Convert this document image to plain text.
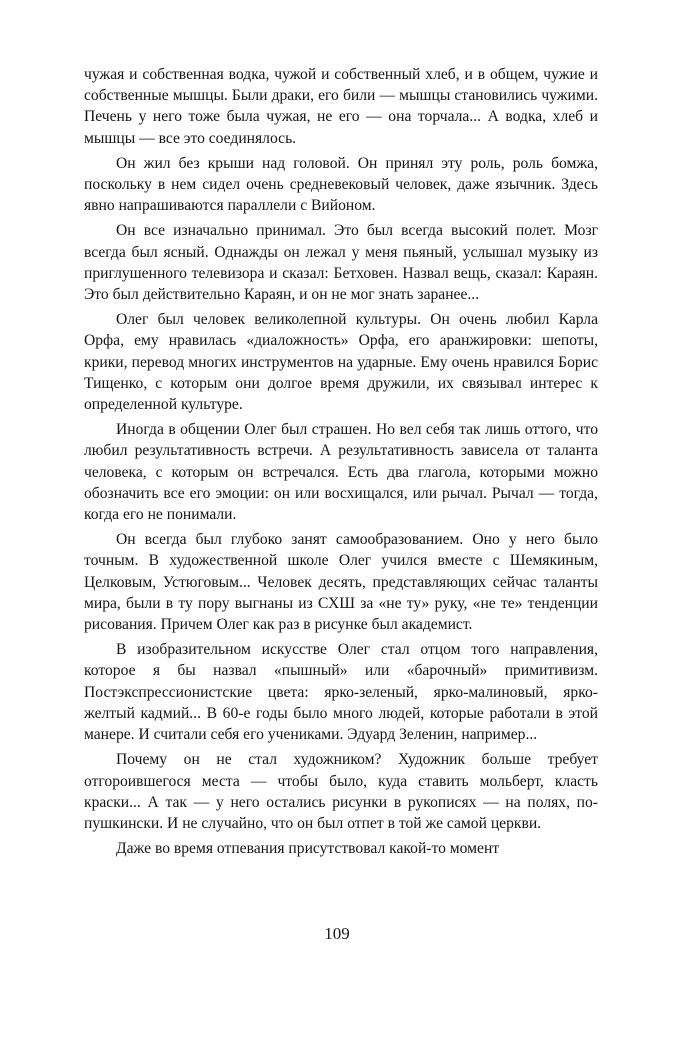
чужая и собственная водка, чужой и собственный хлеб, и в общем, чужие и собственные мышцы. Были драки, его били — мышцы становились чужими. Печень у него тоже была чужая, не его — она торчала... А водка, хлеб и мышцы — все это соединялось.

Он жил без крыши над головой. Он принял эту роль, роль бомжа, поскольку в нем сидел очень средневековый человек, даже язычник. Здесь явно напрашиваются параллели с Вийоном.

Он все изначально принимал. Это был всегда высокий полет. Мозг всегда был ясный. Однажды он лежал у меня пьяный, услышал музыку из приглушенного телевизора и сказал: Бетховен. Назвал вещь, сказал: Караян. Это был действительно Караян, и он не мог знать заранее...

Олег был человек великолепной культуры. Он очень любил Карла Орфа, ему нравилась «диаложность» Орфа, его аранжировки: шепоты, крики, перевод многих инструментов на ударные. Ему очень нравился Борис Тищенко, с которым они долгое время дружили, их связывал интерес к определенной культуре.

Иногда в общении Олег был страшен. Но вел себя так лишь оттого, что любил результативность встречи. А результативность зависела от таланта человека, с которым он встречался. Есть два глагола, которыми можно обозначить все его эмоции: он или восхищался, или рычал. Рычал — тогда, когда его не понимали.

Он всегда был глубоко занят самообразованием. Оно у него было точным. В художественной школе Олег учился вместе с Шемякиным, Целковым, Устюговым... Человек десять, представляющих сейчас таланты мира, были в ту пору выгнаны из СХШ за «не ту» руку, «не те» тенденции рисования. Причем Олег как раз в рисунке был академист.

В изобразительном искусстве Олег стал отцом того направления, которое я бы назвал «пышный» или «барочный» примитивизм. Постэкспрессионистские цвета: ярко-зеленый, ярко-малиновый, ярко-желтый кадмий... В 60-е годы было много людей, которые работали в этой манере. И считали себя его учениками. Эдуард Зеленин, например...

Почему он не стал художником? Художник больше требует отгороившегося места — чтобы было, куда ставить мольберт, класть краски... А так — у него остались рисунки в рукописях — на полях, по-пушкински. И не случайно, что он был отпет в той же самой церкви.

Даже во время отпевания присутствовал какой-то момент

109
